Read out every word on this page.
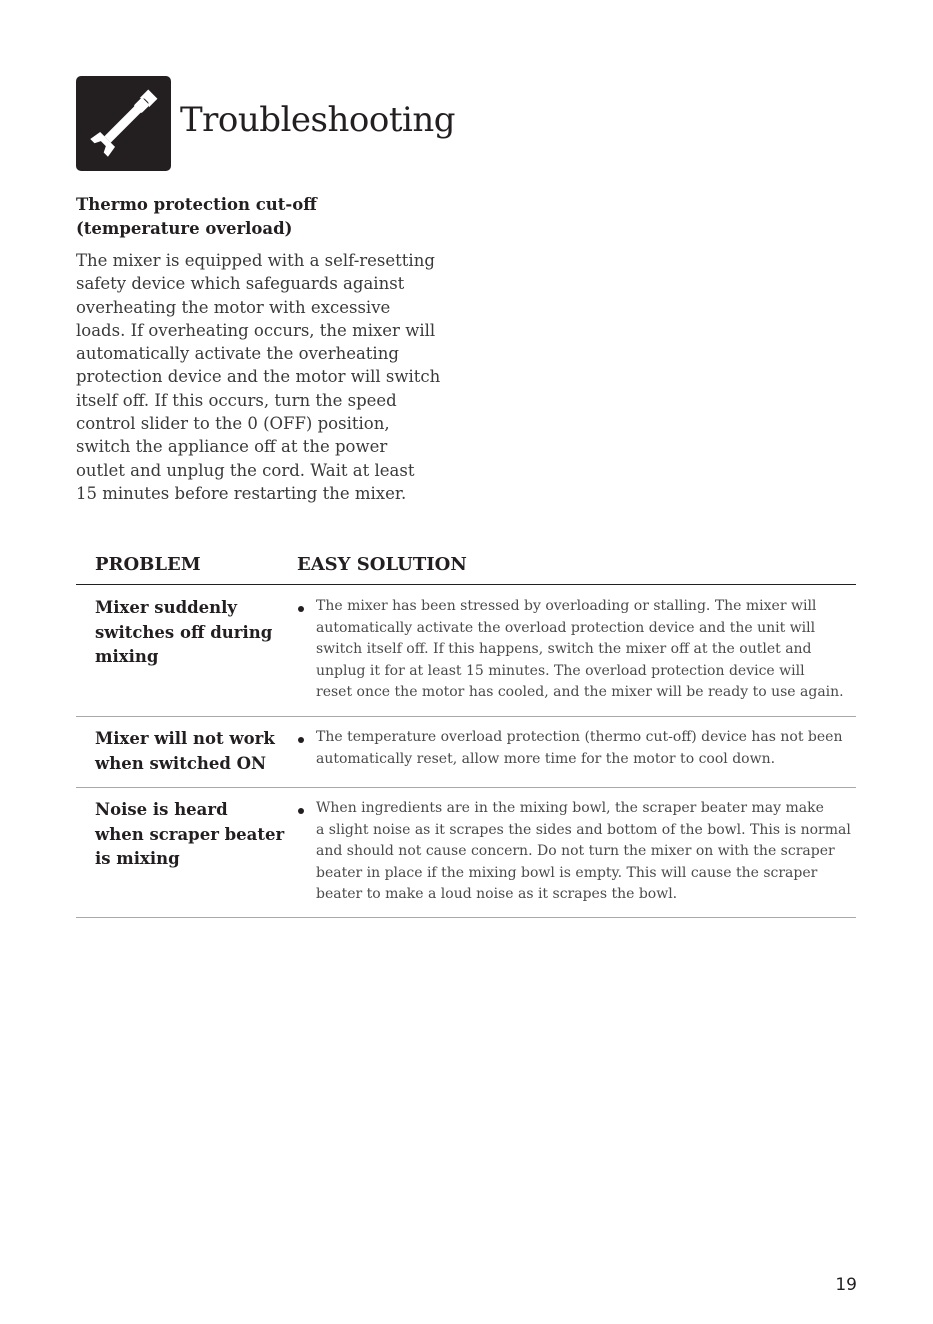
Troubleshooting
Thermo protection cut-off
(temperature overload)
The mixer is equipped with a self-resetting
safety device which safeguards against
overheating the motor with excessive
loads. If overheating occurs, the mixer will
automatically activate the overheating
protection device and the motor will switch
itself off. If this occurs, turn the speed
control slider to the 0 (OFF) position,
switch the appliance off at the power
outlet and unplug the cord. Wait at least
15 minutes before restarting the mixer.
PROBLEM	EASY SOLUTION
Mixer suddenly
switches off during
mixing
The mixer has been stressed by overloading or stalling. The mixer will
automatically activate the overload protection device and the unit will
switch itself off. If this happens, switch the mixer off at the outlet and
unplug it for at least 15 minutes. The overload protection device will
reset once the motor has cooled, and the mixer will be ready to use again.
Mixer will not work
when switched ON
The temperature overload protection (thermo cut-off) device has not been
automatically reset, allow more time for the motor to cool down.
Noise is heard
when scraper beater
is mixing
When ingredients are in the mixing bowl, the scraper beater may make
a slight noise as it scrapes the sides and bottom of the bowl. This is normal
and should not cause concern. Do not turn the mixer on with the scraper
beater in place if the mixing bowl is empty. This will cause the scraper
beater to make a loud noise as it scrapes the bowl.
19
